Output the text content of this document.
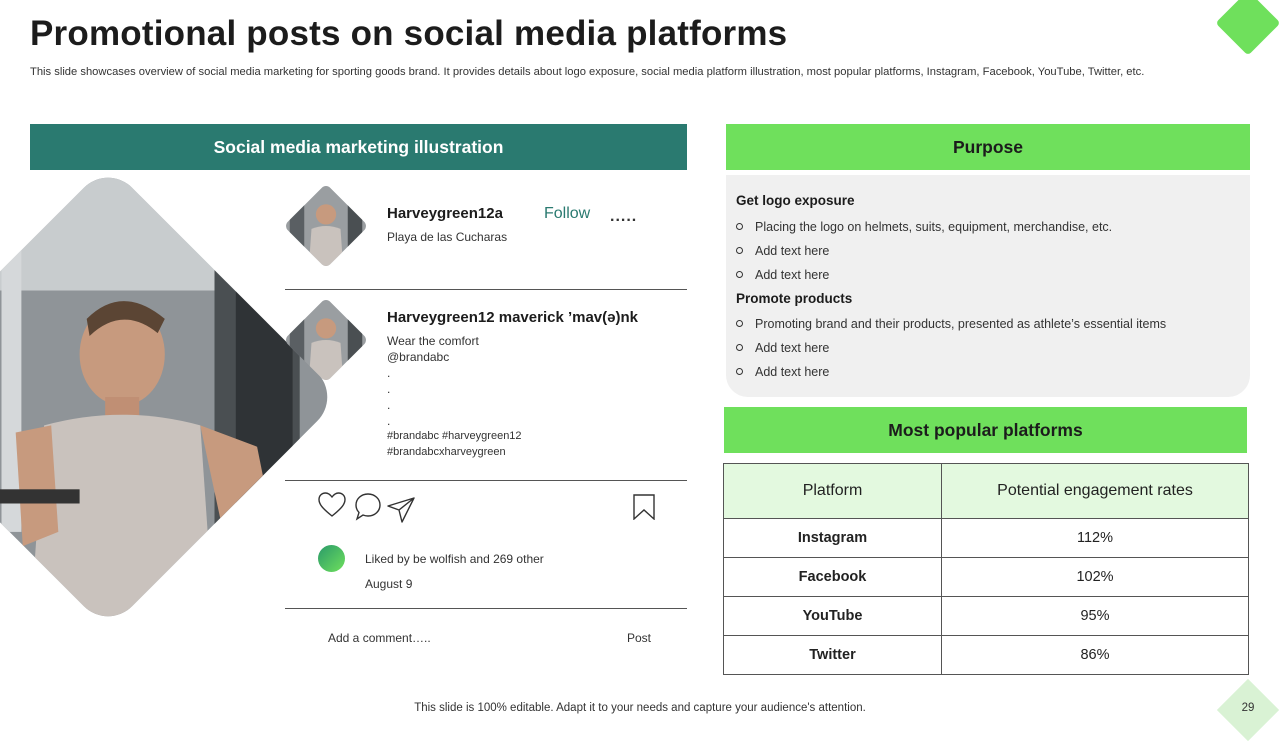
Promotional posts on social media platforms
This slide showcases overview of social media marketing for sporting goods brand. It provides details about logo exposure, social media platform illustration, most popular platforms, Instagram, Facebook, YouTube, Twitter, etc.
Social media marketing illustration
Harveygreen12a
Playa de las Cucharas
Follow .....
Harveygreen12 maverick ’mav(ə)nk
Wear the comfort
@brandabc
.
.
.
.
#brandabc #harveygreen12
#brandabcxharveygreen
Liked by be wolfish and 269 other
August 9
Add a comment…..	Post
Purpose
Get logo exposure
Placing the logo on helmets, suits, equipment, merchandise, etc.
Add text here
Add text here
Promote products
Promoting brand and their products, presented as athlete’s essential items
Add text here
Add text here
Most popular platforms
Platform	Potential engagement rates
Instagram	112%
Facebook	102%
YouTube	95%
Twitter	86%
This slide is 100% editable. Adapt it to your needs and capture your audience's attention.	29
